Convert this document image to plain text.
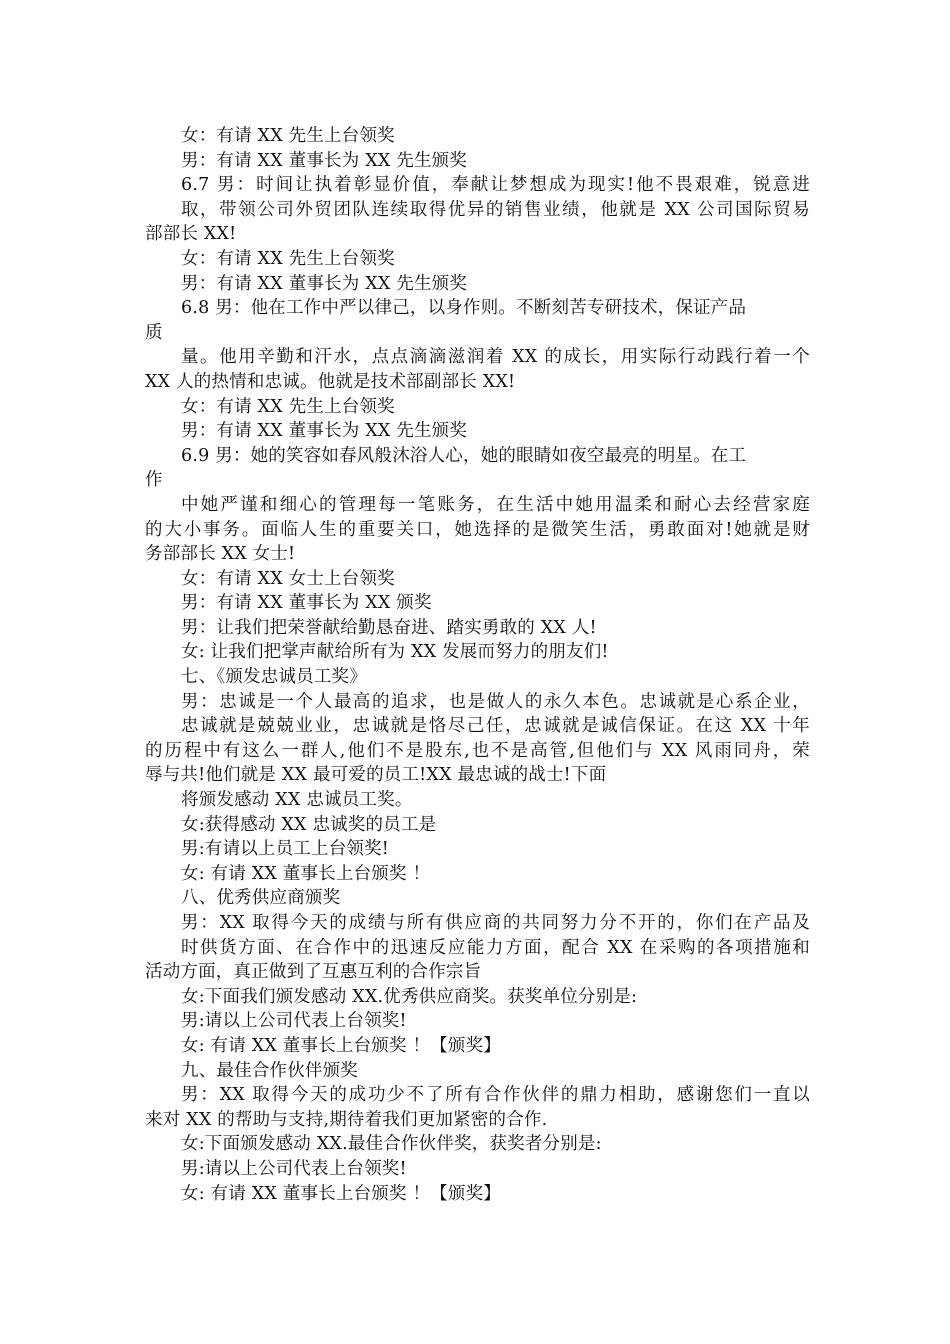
女：有请 XX 先生上台领奖
男：有请 XX 董事长为 XX 先生颁奖
6.7 男：时间让执着彰显价值，奉献让梦想成为现实!他不畏艰难，锐意进
取，带领公司外贸团队连续取得优异的销售业绩，他就是 XX 公司国际贸易
部部长 XX!
女：有请 XX 先生上台领奖
男：有请 XX 董事长为 XX 先生颁奖
6.8 男：他在工作中严以律己，以身作则。不断刻苦专研技术，保证产品
质
量。他用辛勤和汗水，点点滴滴滋润着 XX 的成长，用实际行动践行着一个
XX 人的热情和忠诚。他就是技术部副部长 XX!
女：有请 XX 先生上台领奖
男：有请 XX 董事长为 XX 先生颁奖
6.9 男：她的笑容如春风般沐浴人心，她的眼睛如夜空最亮的明星。在工
作
中她严谨和细心的管理每一笔账务，在生活中她用温柔和耐心去经营家庭
的大小事务。面临人生的重要关口，她选择的是微笑生活，勇敢面对!她就是财
务部部长 XX 女士!
女：有请 XX 女士上台领奖
男：有请 XX 董事长为 XX 颁奖
男：让我们把荣誉献给勤恳奋进、踏实勇敢的 XX 人!
女: 让我们把掌声献给所有为 XX 发展而努力的朋友们!
七、《颁发忠诚员工奖》
男：忠诚是一个人最高的追求，也是做人的永久本色。忠诚就是心系企业，
忠诚就是兢兢业业，忠诚就是恪尽己任，忠诚就是诚信保证。在这 XX 十年
的历程中有这么一群人,他们不是股东,也不是高管,但他们与 XX 风雨同舟，荣
辱与共!他们就是 XX 最可爱的员工!XX 最忠诚的战士!下面
将颁发感动 XX 忠诚员工奖。
女:获得感动 XX 忠诚奖的员工是
男:有请以上员工上台领奖!
女: 有请 XX 董事长上台颁奖 ！
八、优秀供应商颁奖
男：XX 取得今天的成绩与所有供应商的共同努力分不开的，你们在产品及
时供货方面、在合作中的迅速反应能力方面，配合 XX 在采购的各项措施和
活动方面，真正做到了互惠互利的合作宗旨
女:下面我们颁发感动 XX.优秀供应商奖。获奖单位分别是:
男:请以上公司代表上台领奖!
女: 有请 XX 董事长上台颁奖 ！【颁奖】
九、最佳合作伙伴颁奖
男：XX 取得今天的成功少不了所有合作伙伴的鼎力相助，感谢您们一直以
来对 XX 的帮助与支持,期待着我们更加紧密的合作.
女:下面颁发感动 XX.最佳合作伙伴奖，获奖者分别是:
男:请以上公司代表上台领奖!
女: 有请 XX 董事长上台颁奖 ！【颁奖】
